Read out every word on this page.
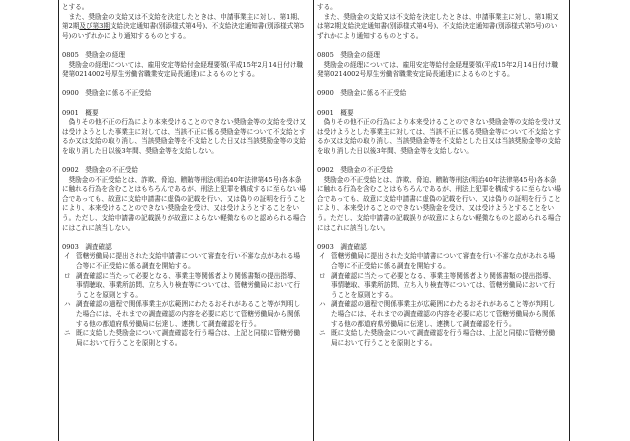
とする。

　また、奨励金の支給又は不支給を決定したときは、申請事業主に対し、第1期、第2期及び第3期支給決定通知書(別添様式第4号)、不支給決定通知書(別添様式第5号)のいずれかにより通知するものとする。

0805　奨励金の経理

　奨励金の経理については、雇用安定等給付金経理要領(平成15年2月14日付け職発第0214002号厚生労働省職業安定局長通達)によるものとする。

0900　奨励金に係る不正受給

0901　概要

　偽りその他不正の行為により本来受けることのできない奨励金等の支給を受け又は受けようとした事業主に対しては、当該不正に係る奨励金等について不支給とするか又は支給の取り消し、当該奨励金等を不支給とした日又は当該奨励金等の支給を取り消した日以後3年間、奨励金等を支給しない。

0902　奨励金の不正受給

　奨励金の不正受給とは、詐欺、脅迫、贈賄等刑法(明治40年法律第45号)各本条に触れる行為を含むことはもちろんであるが、刑法上犯罪を構成するに至らない場合であっても、故意に支給申請書に虚偽の記載を行い、又は偽りの証明を行うことにより、本来受けることのできない奨励金を受け、又は受けようとすることをいう。ただし、支給申請書の記載誤りが故意によらない軽微なものと認められる場合にはこれに該当しない。

0903　調査確認

イ 管轄労働局に提出された支給申請書について審査を行い不審な点があれる場合等に不正受給に係る調査を開始する。
ロ 調査確認に当たって必要となる、事業主等関係者より関係書類の提出指導、事情聴取、事業所訪問、立ち入り検査等については、管轄労働局において行うことを原則とする。
ハ 調査確認の過程で関係事業主が広範囲にわたるおそれがあること等が判明した場合には、それまでの調査確認の内容を必要に応じて管轄労働局から関係する他の都道府県労働局に伝達し、連携して調査確認を行う。
ニ 既に支給した奨励金について調査確認を行う場合は、上記と同様に管轄労働局において行うことを原則とする。

する。

　また、奨励金の支給又は不支給を決定したときは、申請事業主に対し、第1期又は第2期支給決定通知書(別添様式第4号)、不支給決定通知書(別添様式第5号)のいずれかにより通知するものとする。

0805　奨励金の経理

　奨励金の経理については、雇用安定等給付金経理要領(平成15年2月14日付け職発第0214002号厚生労働省職業安定局長通達)によるものとする。

0900　奨励金に係る不正受給

0901　概要

　偽りその他不正の行為により本来受けることのできない奨励金等の支給を受け又は受けようとした事業主に対しては、当該不正に係る奨励金等について不支給とするか又は支給の取り消し、当該奨励金等を不支給とした日又は当該奨励金等の支給を取り消した日以後3年間、奨励金等を支給しない。

0902　奨励金の不正受給

　奨励金の不正受給とは、詐欺、脅迫、贈賄等刑法(明治40年法律第45号)各本条に触れる行為を含むことはもちろんであるが、刑法上犯罪を構成するに至らない場合であっても、故意に支給申請書に虚偽の記載を行い、又は偽りの証明を行うことにより、本来受けることのできない奨励金を受け、又は受けようとすることをいう。ただし、支給申請書の記載誤りが故意によらない軽微なものと認められる場合にはこれに該当しない。

0903　調査確認

イ 管轄労働局に提出された支給申請書について審査を行い不審な点があれる場合等に不正受給に係る調査を開始する。
ロ 調査確認に当たって必要となる、事業主等関係者より関係書類の提出指導、事情聴取、事業所訪問、立ち入り検査等については、管轄労働局において行うことを原則とする。
ハ 調査確認の過程で関係事業主が広範囲にわたるおそれがあること等が判明した場合には、それまでの調査確認の内容を必要に応じて管轄労働局から関係する他の都道府県労働局に伝達し、連携して調査確認を行う。
ニ 既に支給した奨励金について調査確認を行う場合は、上記と同様に管轄労働局において行うことを原則とする。
